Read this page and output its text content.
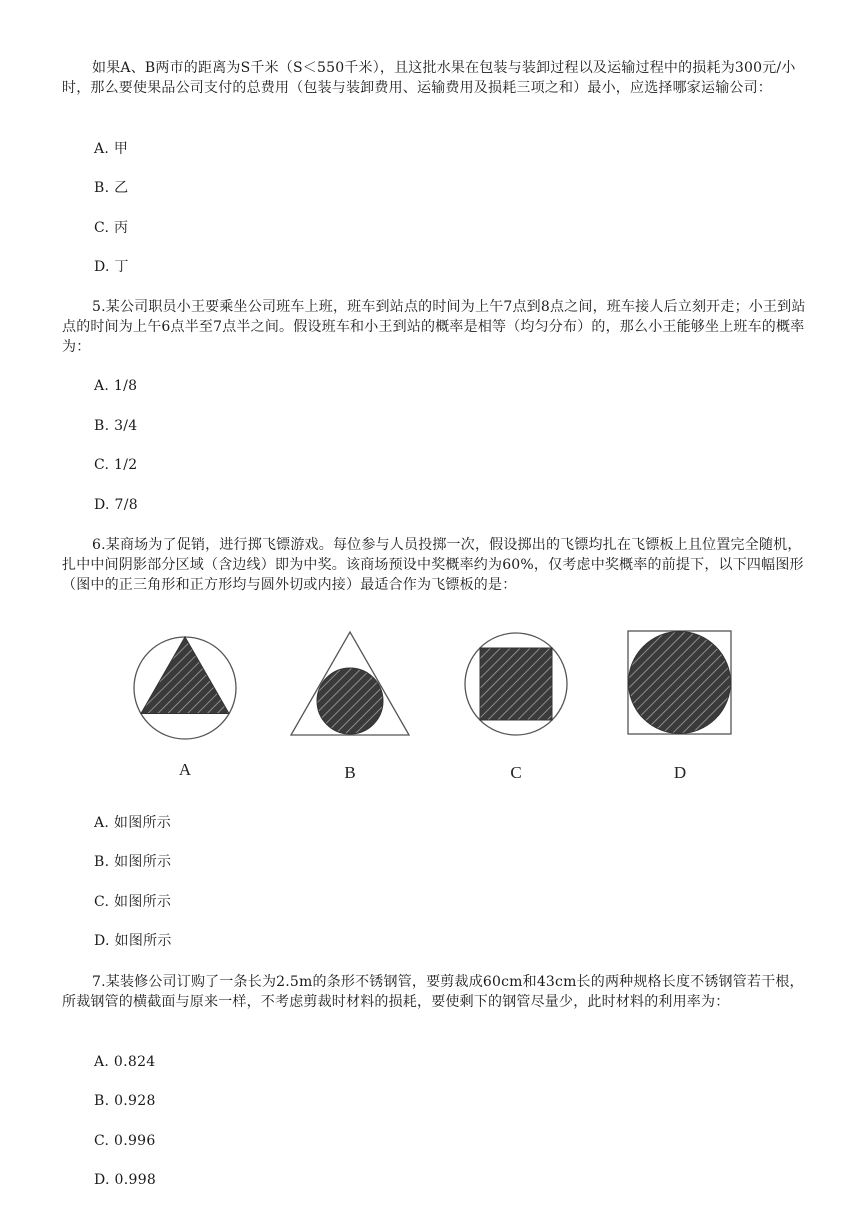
如果A、B两市的距离为S千米（S＜550千米），且这批水果在包装与装卸过程以及运输过程中的损耗为300元/小时，那么要使果品公司支付的总费用（包装与装卸费用、运输费用及损耗三项之和）最小，应选择哪家运输公司：

A. 甲

B. 乙

C. 丙

D. 丁

5.某公司职员小王要乘坐公司班车上班，班车到站点的时间为上午7点到8点之间，班车接人后立刻开走；小王到站点的时间为上午6点半至7点半之间。假设班车和小王到站的概率是相等（均匀分布）的，那么小王能够坐上班车的概率为：

A. 1/8

B. 3/4

C. 1/2

D. 7/8

6.某商场为了促销，进行掷飞镖游戏。每位参与人员投掷一次，假设掷出的飞镖均扎在飞镖板上且位置完全随机，扎中中间阴影部分区域（含边线）即为中奖。该商场预设中奖概率约为60%，仅考虑中奖概率的前提下，以下四幅图形（图中的正三角形和正方形均与圆外切或内接）最适合作为飞镖板的是：

A	B	C	D

A. 如图所示

B. 如图所示

C. 如图所示

D. 如图所示

7.某装修公司订购了一条长为2.5m的条形不锈钢管，要剪裁成60cm和43cm长的两种规格长度不锈钢管若干根，所裁钢管的横截面与原来一样，不考虑剪裁时材料的损耗，要使剩下的钢管尽量少，此时材料的利用率为：

A. 0.824

B. 0.928

C. 0.996

D. 0.998
